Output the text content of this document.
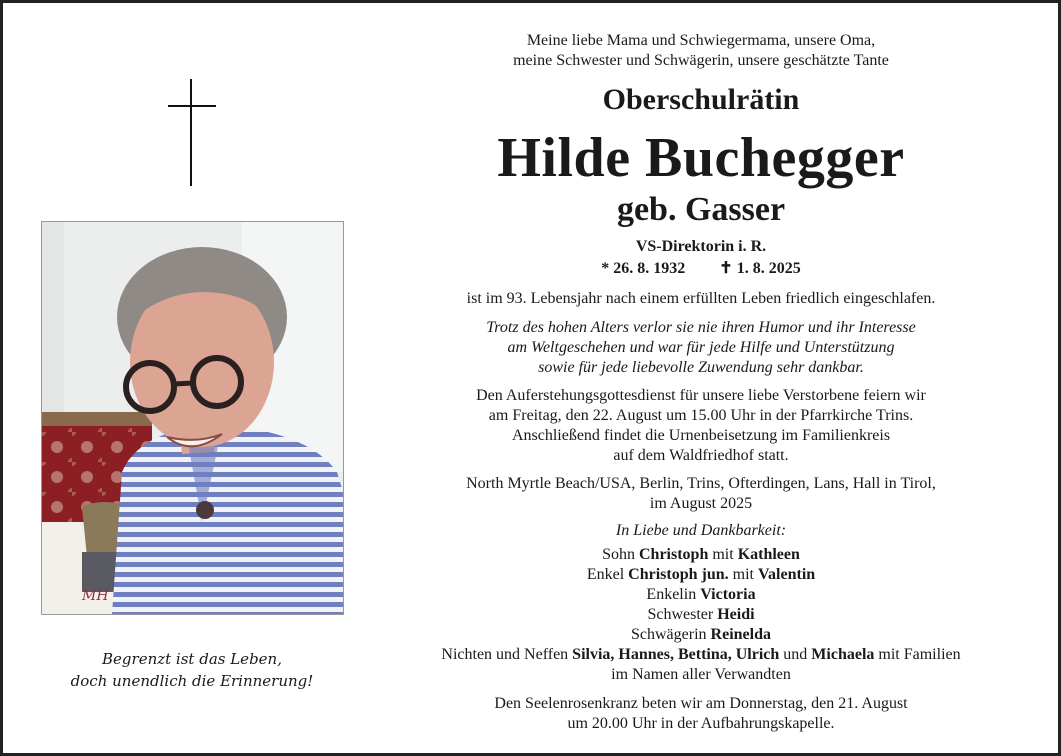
MH
Begrenzt ist das Leben,
doch unendlich die Erinnerung!
Meine liebe Mama und Schwiegermama, unsere Oma,
meine Schwester und Schwägerin, unsere geschätzte Tante
Oberschulrätin
Hilde Buchegger
geb. Gasser
VS-Direktorin i. R.
* 26. 8. 1932 ✝ 1. 8. 2025
ist im 93. Lebensjahr nach einem erfüllten Leben friedlich eingeschlafen.
Trotz des hohen Alters verlor sie nie ihren Humor und ihr Interesse
am Weltgeschehen und war für jede Hilfe und Unterstützung
sowie für jede liebevolle Zuwendung sehr dankbar.
Den Auferstehungsgottesdienst für unsere liebe Verstorbene feiern wir
am Freitag, den 22. August um 15.00 Uhr in der Pfarrkirche Trins.
Anschließend findet die Urnenbeisetzung im Familienkreis
auf dem Waldfriedhof statt.
North Myrtle Beach/USA, Berlin, Trins, Ofterdingen, Lans, Hall in Tirol,
im August 2025
In Liebe und Dankbarkeit:
Sohn Christoph mit Kathleen
Enkel Christoph jun. mit Valentin
Enkelin Victoria
Schwester Heidi
Schwägerin Reinelda
Nichten und Neffen Silvia, Hannes, Bettina, Ulrich und Michaela mit Familien
im Namen aller Verwandten
Den Seelenrosenkranz beten wir am Donnerstag, den 21. August
um 20.00 Uhr in der Aufbahrungskapelle.
